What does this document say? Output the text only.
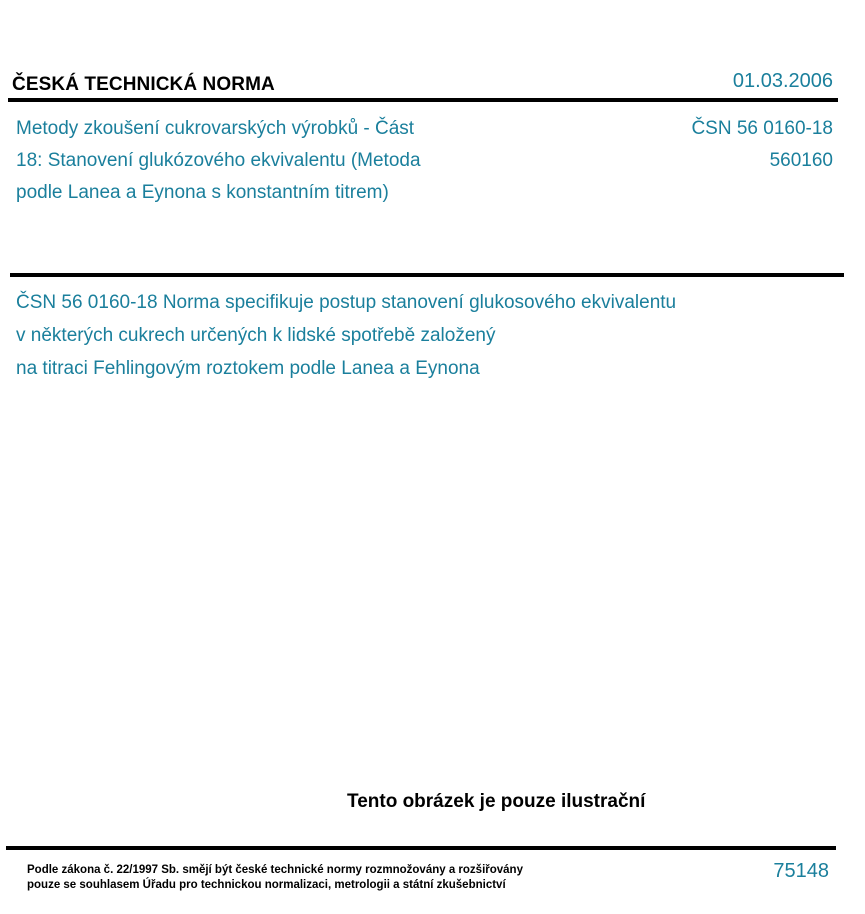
ČESKÁ TECHNICKÁ NORMA	01.03.2006
Metody zkoušení cukrovarských výrobků - Část
18: Stanovení glukózového ekvivalentu (Metoda
podle Lanea a Eynona s konstantním titrem)
ČSN 56 0160-18
560160
ČSN 56 0160-18 Norma specifikuje postup stanovení glukosového ekvivalentu
v některých cukrech určených k lidské spotřebě založený
na titraci Fehlingovým roztokem podle Lanea a Eynona
Tento obrázek je pouze ilustrační
Podle zákona č. 22/1997 Sb. smějí být české technické normy rozmnožovány a rozšiřovány
pouze se souhlasem Úřadu pro technickou normalizaci, metrologii a státní zkušebnictví
75148
